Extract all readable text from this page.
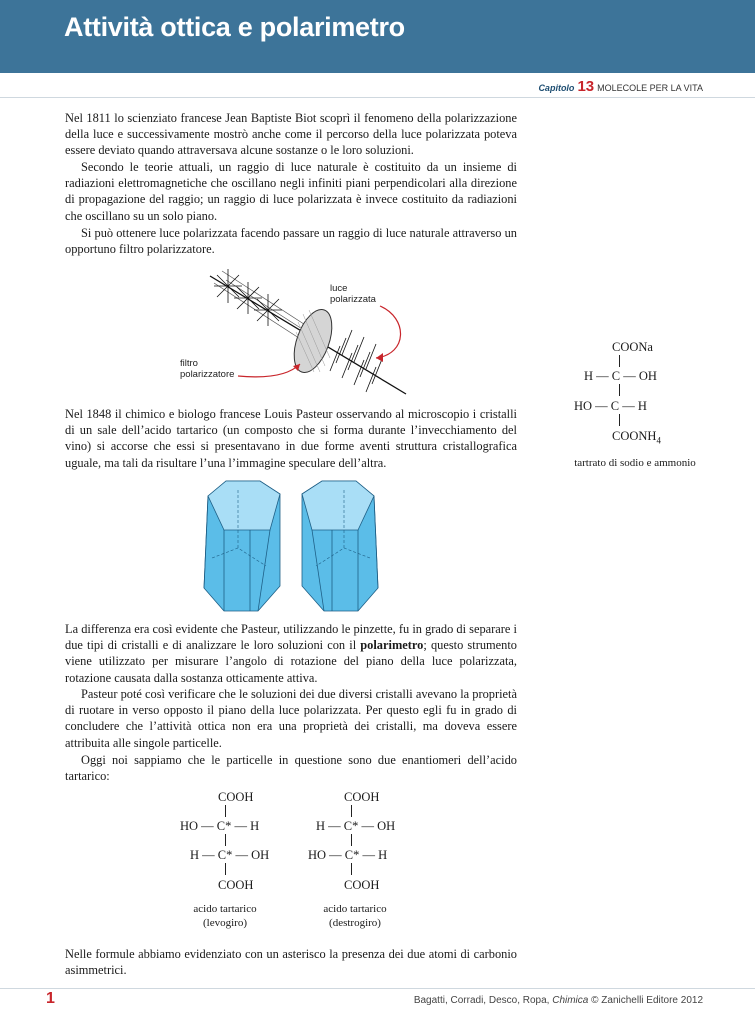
Attività ottica e polarimetro
Capitolo 13 MOLECOLE PER LA VITA

Nel 1811 lo scienziato francese Jean Baptiste Biot scoprì il fenomeno della polarizzazione della luce e successivamente mostrò anche come il percorso della luce polarizzata poteva essere deviato quando attraversava alcune sostanze o le loro soluzioni.

Secondo le teorie attuali, un raggio di luce naturale è costituito da un insieme di radiazioni elettromagnetiche che oscillano negli infiniti piani perpendicolari alla direzione di propagazione del raggio; un raggio di luce polarizzata è invece costituito da radiazioni che oscillano su un solo piano.

Si può ottenere luce polarizzata facendo passare un raggio di luce naturale attraverso un opportuno filtro polarizzatore.

luce
polarizzata
filtro
polarizzatore
COONa
H — C — OH
HO — C — H
$COONH_4$
tartrato di sodio e ammonio

Nel 1848 il chimico e biologo francese Louis Pasteur osservando al microscopio i cristalli di un sale dell’acido tartarico (un composto che si forma durante l’invecchiamento del vino) si accorse che essi si presentavano in due forme aventi struttura cristallografica uguale, ma tali da risultare l’una l’immagine speculare dell’altra.

La differenza era così evidente che Pasteur, utilizzando le pinzette, fu in grado di separare i due tipi di cristalli e di analizzare le loro soluzioni con il polarimetro; questo strumento viene utilizzato per misurare l’angolo di rotazione del piano della luce polarizzata, rotazione causata dalla sostanza otticamente attiva.

Pasteur poté così verificare che le soluzioni dei due diversi cristalli avevano la proprietà di ruotare in verso opposto il piano della luce polarizzata. Per questo egli fu in grado di concludere che l’attività ottica non era una proprietà dei cristalli, ma doveva essere attribuita alle singole particelle.

Oggi noi sappiamo che le particelle in questione sono due enantiomeri dell’acido tartarico:

COOH
HO — C* — H
H — C* — OH
COOH
acido tartarico
(levogiro)
COOH
H — C* — OH
HO — C* — H
COOH
acido tartarico
(destrogiro)

Nelle formule abbiamo evidenziato con un asterisco la presenza dei due atomi di carbonio asimmetrici.

1	Bagatti, Corradi, Desco, Ropa, Chimica © Zanichelli Editore 2012
